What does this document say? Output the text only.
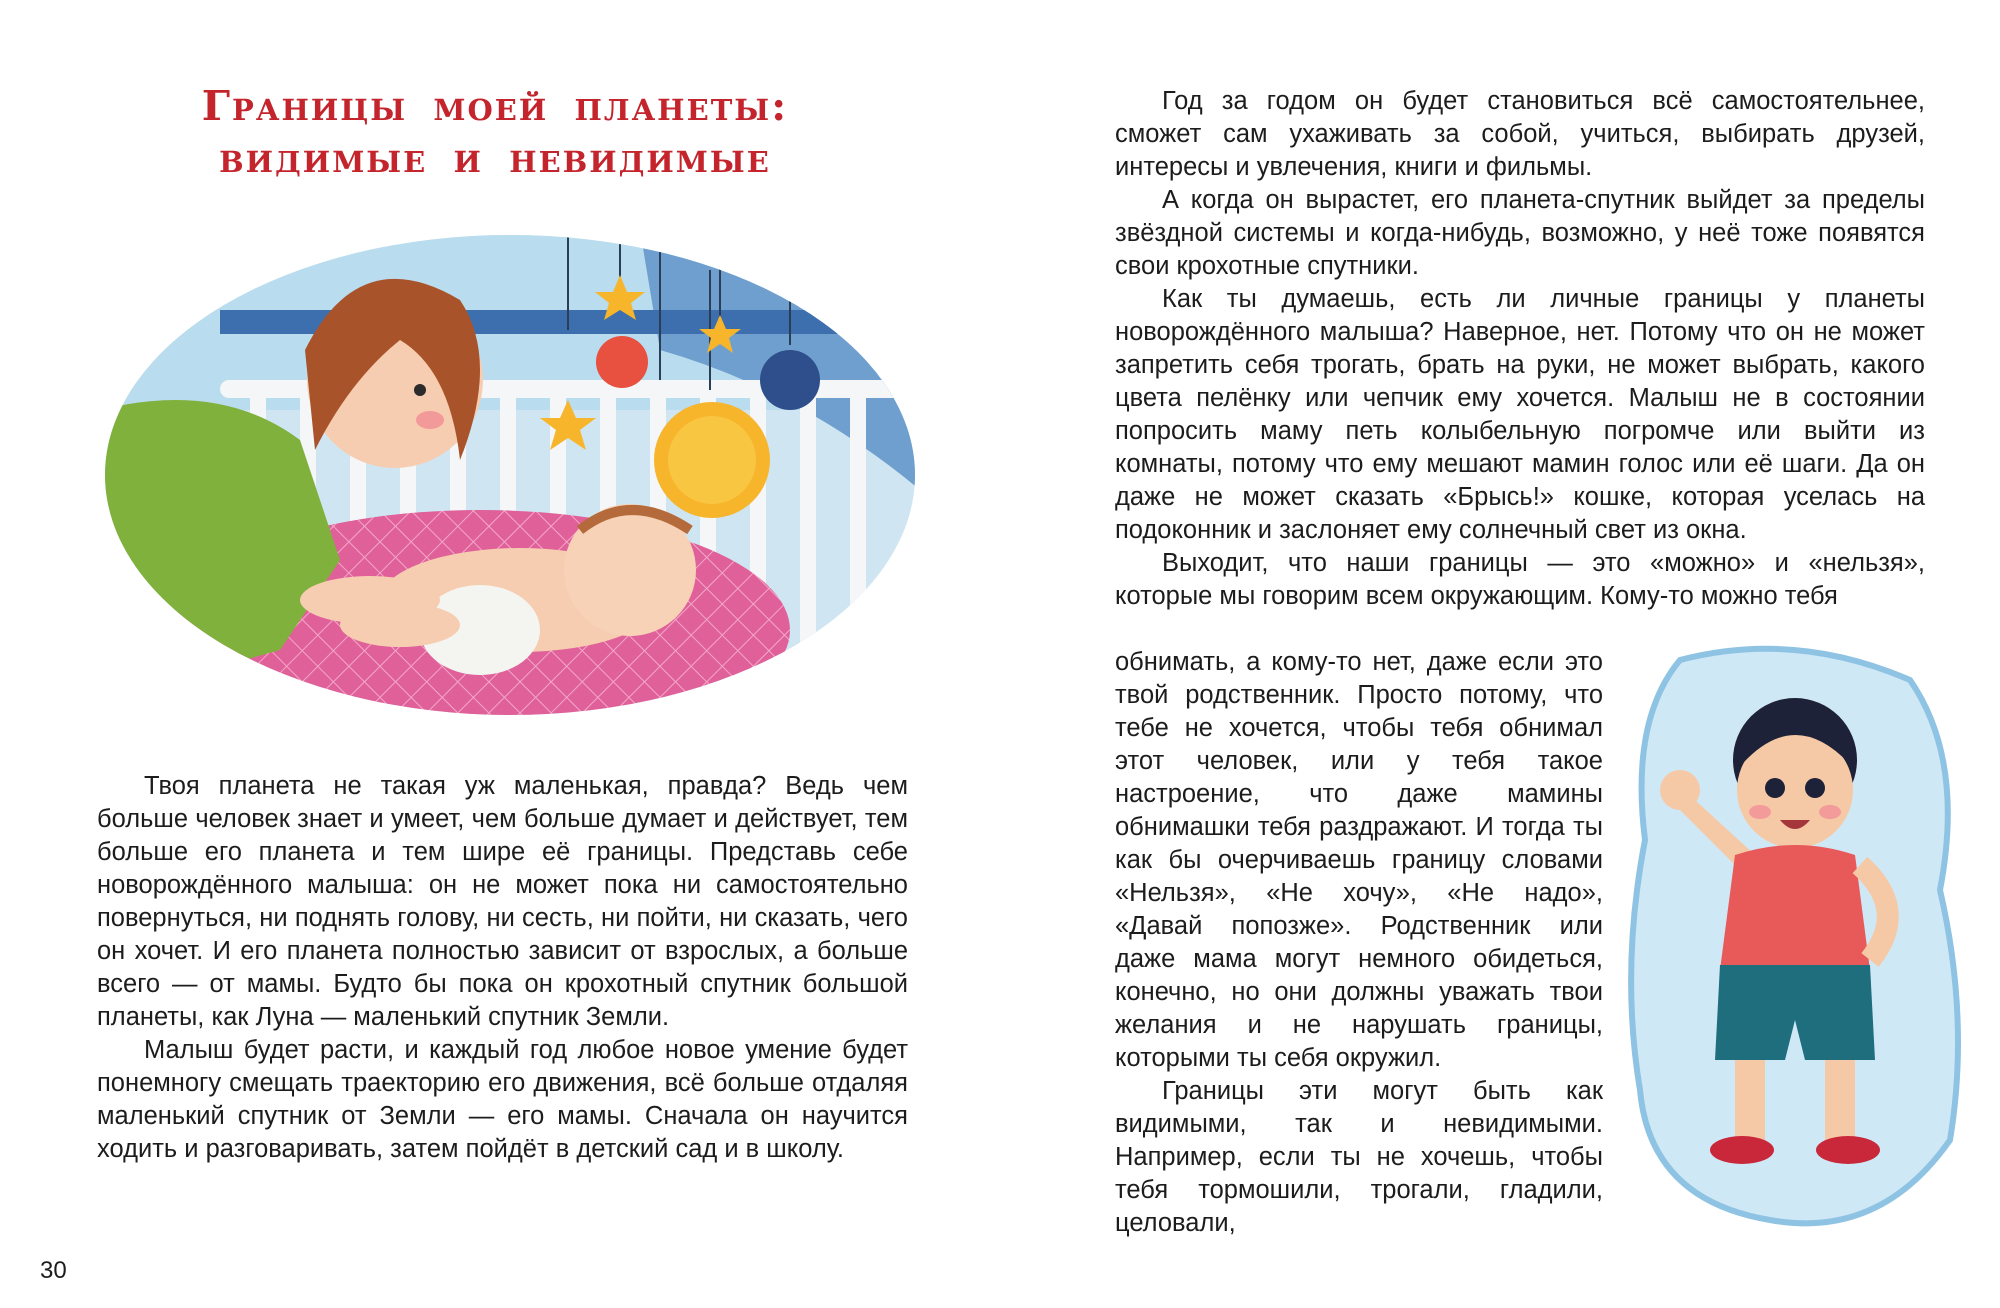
Границы моей планеты:
видимые и невидимые

Твоя планета не такая уж маленькая, правда? Ведь чем больше человек знает и умеет, чем больше думает и действует, тем больше его планета и тем шире её границы. Представь себе новорождённого малыша: он не может пока ни самостоятельно повернуться, ни поднять голову, ни сесть, ни пойти, ни сказать, чего он хочет. И его планета полностью зависит от взрослых, а больше всего — от мамы. Будто бы пока он крохотный спутник большой планеты, как Луна — маленький спутник Земли.

Малыш будет расти, и каждый год любое новое умение будет понемногу смещать траекторию его движения, всё больше отдаляя маленький спутник от Земли — его мамы. Сначала он научится ходить и разговаривать, затем пойдёт в детский сад и в школу.

30

Год за годом он будет становиться всё самостоятельнее, сможет сам ухаживать за собой, учиться, выбирать друзей, интересы и увлечения, книги и фильмы.

А когда он вырастет, его планета-спутник выйдет за пределы звёздной системы и когда-нибудь, возможно, у неё тоже появятся свои крохотные спутники.

Как ты думаешь, есть ли личные границы у планеты новорождённого малыша? Наверное, нет. Потому что он не может запретить себя трогать, брать на руки, не может выбрать, какого цвета пелёнку или чепчик ему хочется. Малыш не в состоянии попросить маму петь колыбельную погромче или выйти из комнаты, потому что ему мешают мамин голос или её шаги. Да он даже не может сказать «Брысь!» кошке, которая уселась на подоконник и заслоняет ему солнечный свет из окна.

Выходит, что наши границы — это «можно» и «нельзя», которые мы говорим всем окружающим. Кому-то можно тебя

обнимать, а кому-то нет, даже если это твой родственник. Просто потому, что тебе не хочется, чтобы тебя обнимал этот человек, или у тебя такое настроение, что даже мамины обнимашки тебя раздражают. И тогда ты как бы очерчиваешь границу словами «Нельзя», «Не хочу», «Не надо», «Давай попозже». Родственник или даже мама могут немного обидеться, конечно, но они должны уважать твои желания и не нарушать границы, которыми ты себя окружил.

Границы эти могут быть как видимыми, так и невидимыми. Например, если ты не хочешь, чтобы тебя тормошили, трогали, гладили, целовали,
